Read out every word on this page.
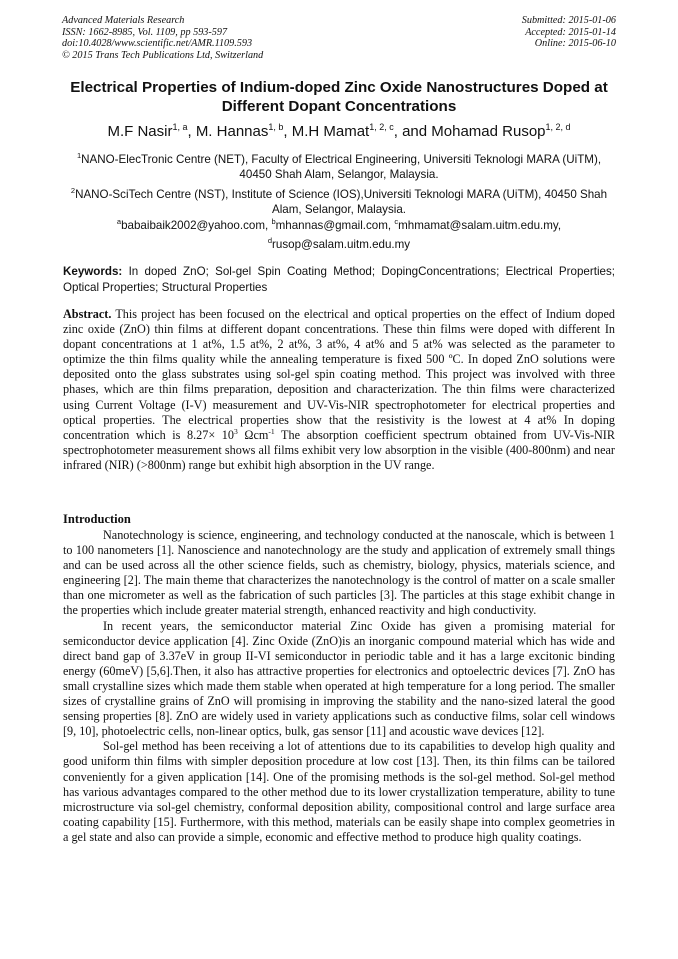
Advanced Materials Research
ISSN: 1662-8985, Vol. 1109, pp 593-597
doi:10.4028/www.scientific.net/AMR.1109.593
© 2015 Trans Tech Publications Ltd, Switzerland
Submitted: 2015-01-06
Accepted: 2015-01-14
Online: 2015-06-10
Electrical Properties of Indium-doped Zinc Oxide Nanostructures Doped at Different Dopant Concentrations
M.F Nasir$^{1, a}$, M. Hannas$^{1, b}$, M.H Mamat$^{1, 2, c}$, and Mohamad Rusop$^{1, 2, d}$
$^1$NANO-ElecTronic Centre (NET), Faculty of Electrical Engineering, Universiti Teknologi MARA (UiTM), 40450 Shah Alam, Selangor, Malaysia.
$^2$NANO-SciTech Centre (NST), Institute of Science (IOS),Universiti Teknologi MARA (UiTM), 40450 Shah Alam, Selangor, Malaysia.
$^a$babaibaik2002@yahoo.com, $^b$mhannas@gmail.com, $^c$mhmamat@salam.uitm.edu.my,
$^d$rusop@salam.uitm.edu.my
Keywords: In doped ZnO; Sol-gel Spin Coating Method; DopingConcentrations; Electrical Properties; Optical Properties; Structural Properties
Abstract. This project has been focused on the electrical and optical properties on the effect of Indium doped zinc oxide (ZnO) thin films at different dopant concentrations. These thin films were doped with different In dopant concentrations at 1 at%, 1.5 at%, 2 at%, 3 at%, 4 at% and 5 at% was selected as the parameter to optimize the thin films quality while the annealing temperature is fixed 500 ºC. In doped ZnO solutions were deposited onto the glass substrates using sol-gel spin coating method. This project was involved with three phases, which are thin films preparation, deposition and characterization. The thin films were characterized using Current Voltage (I-V) measurement and UV-Vis-NIR spectrophotometer for electrical properties and optical properties. The electrical properties show that the resistivity is the lowest at 4 at% In doping concentration which is $8.27\times 10^3$ Ωcm$^{-1}$ The absorption coefficient spectrum obtained from UV-Vis-NIR spectrophotometer measurement shows all films exhibit very low absorption in the visible (400-800nm) and near infrared (NIR) (>800nm) range but exhibit high absorption in the UV range.
Introduction

Nanotechnology is science, engineering, and technology conducted at the nanoscale, which is between 1 to 100 nanometers [1]. Nanoscience and nanotechnology are the study and application of extremely small things and can be used across all the other science fields, such as chemistry, biology, physics, materials science, and engineering [2]. The main theme that characterizes the nanotechnology is the control of matter on a scale smaller than one micrometer as well as the fabrication of such particles [3]. The particles at this stage exhibit change in the properties which include greater material strength, enhanced reactivity and high conductivity.

In recent years, the semiconductor material Zinc Oxide has given a promising material for semiconductor device application [4]. Zinc Oxide (ZnO)is an inorganic compound material which has wide and direct band gap of 3.37eV in group II-VI semiconductor in periodic table and it has a large excitonic binding energy (60meV) [5,6].Then, it also has attractive properties for electronics and optoelectric devices [7]. ZnO has small crystalline sizes which made them stable when operated at high temperature for a long period. The smaller sizes of crystalline grains of ZnO will promising in improving the stability and the nano-sized lateral the good sensing properties [8]. ZnO are widely used in variety applications such as conductive films, solar cell windows [9, 10], photoelectric cells, non-linear optics, bulk, gas sensor [11] and acoustic wave devices [12].

Sol-gel method has been receiving a lot of attentions due to its capabilities to develop high quality and good uniform thin films with simpler deposition procedure at low cost [13]. Then, its thin films can be tailored conveniently for a given application [14]. One of the promising methods is the sol-gel method. Sol-gel method has various advantages compared to the other method due to its lower crystallization temperature, ability to tune microstructure via sol-gel chemistry, conformal deposition ability, compositional control and large surface area coating capability [15]. Furthermore, with this method, materials can be easily shape into complex geometries in a gel state and also can provide a simple, economic and effective method to produce high quality coatings.
